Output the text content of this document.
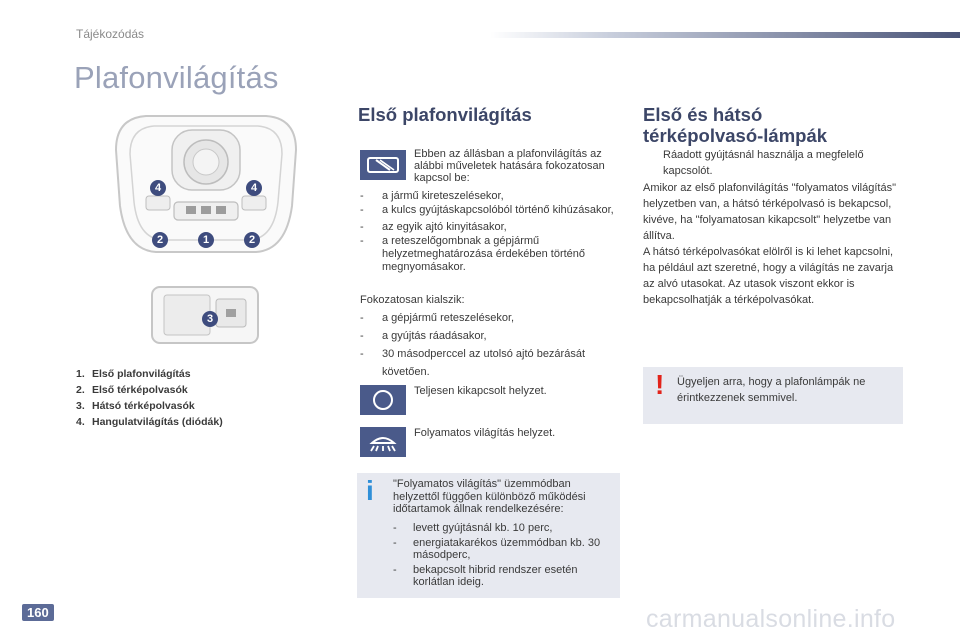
Tájékozódás
Plafonvilágítás
4	4
2	1	2
3
1. Első plafonvilágítás
2. Első térképolvasók
3. Hátsó térképolvasók
4. Hangulatvilágítás (diódák)
Első plafonvilágítás
Ebben az állásban a plafonvilágítás az alábbi műveletek hatására fokozatosan kapcsol be:
-	a jármű kireteszelésekor,
-	a kulcs gyújtáskapcsolóból történő kihúzásakor,
-	az egyik ajtó kinyitásakor,
-	a reteszelőgombnak a gépjármű helyzetmeghatározása érdekében történő megnyomásakor.
Fokozatosan kialszik:
-	a gépjármű reteszelésekor,
-	a gyújtás ráadásakor,
-	30 másodperccel az utolsó ajtó bezárását követően.
Teljesen kikapcsolt helyzet.
Folyamatos világítás helyzet.
i "Folyamatos világítás" üzemmódban helyzettől függően különböző működési időtartamok állnak rendelkezésére:
-	levett gyújtásnál kb. 10 perc,
-	energiatakarékos üzemmódban kb. 30 másodperc,
-	bekapcsolt hibrid rendszer esetén korlátlan ideig.
Első és hátsó térképolvasó-lámpák
Ráadott gyújtásnál használja a megfelelő kapcsolót.
Amikor az első plafonvilágítás "folyamatos világítás" helyzetben van, a hátsó térképolvasó is bekapcsol, kivéve, ha "folyamatosan kikapcsolt" helyzetbe van állítva.
A hátsó térképolvasókat elölről is ki lehet kapcsolni, ha például azt szeretné, hogy a világítás ne zavarja az alvó utasokat. Az utasok viszont ekkor is bekapcsolhatják a térképolvasókat.
! Ügyeljen arra, hogy a plafonlámpák ne érintkezzenek semmivel.
160	carmanualsonline.info
